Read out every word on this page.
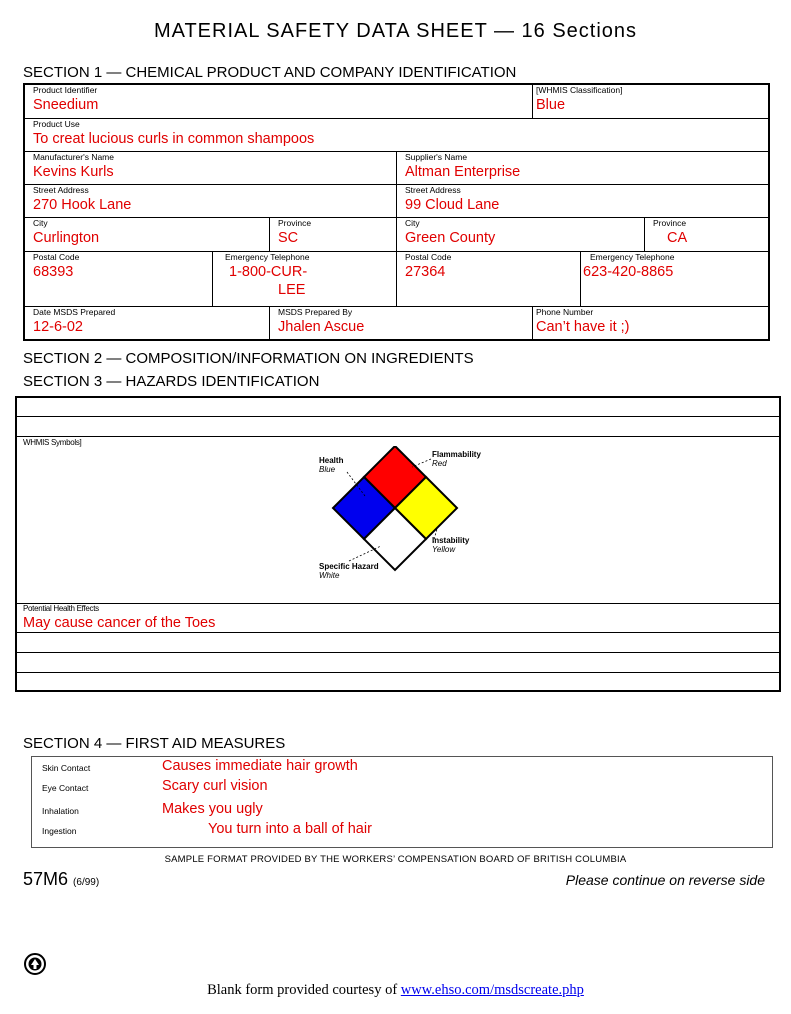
MATERIAL SAFETY DATA SHEET — 16 Sections
SECTION 1 — CHEMICAL PRODUCT AND COMPANY IDENTIFICATION
Product Identifier
Sneedium
[WHMIS Classification]
Blue
Product Use
To creat lucious curls in common shampoos
Manufacturer's Name
Kevins Kurls
Supplier's Name
Altman Enterprise
Street Address
270 Hook Lane
Street Address
99 Cloud Lane
City
Curlington
Province
SC
City
Green County
Province
CA
Postal Code
68393
Emergency Telephone
1-800-CUR-
LEE
Postal Code
27364
Emergency Telephone
623-420-8865
Date MSDS Prepared
12-6-02
MSDS Prepared By
Jhalen Ascue
Phone Number
Can’t have it ;)
SECTION 2 — COMPOSITION/INFORMATION ON INGREDIENTS
SECTION 3 — HAZARDS IDENTIFICATION
WHMIS Symbols]
Health
Blue
Flammability
Red
Instability
Yellow
Specific Hazard
White
Potential Health Effects
May cause cancer of the Toes
SECTION 4 — FIRST AID MEASURES
Skin Contact	Causes immediate hair growth
Eye Contact	Scary curl vision
Inhalation	Makes you ugly
Ingestion	You turn into a ball of hair
SAMPLE FORMAT PROVIDED BY THE WORKERS’ COMPENSATION BOARD OF BRITISH COLUMBIA
57M6 (6/99)	Please continue on reverse side
Blank form provided courtesy of www.ehso.com/msdscreate.php
